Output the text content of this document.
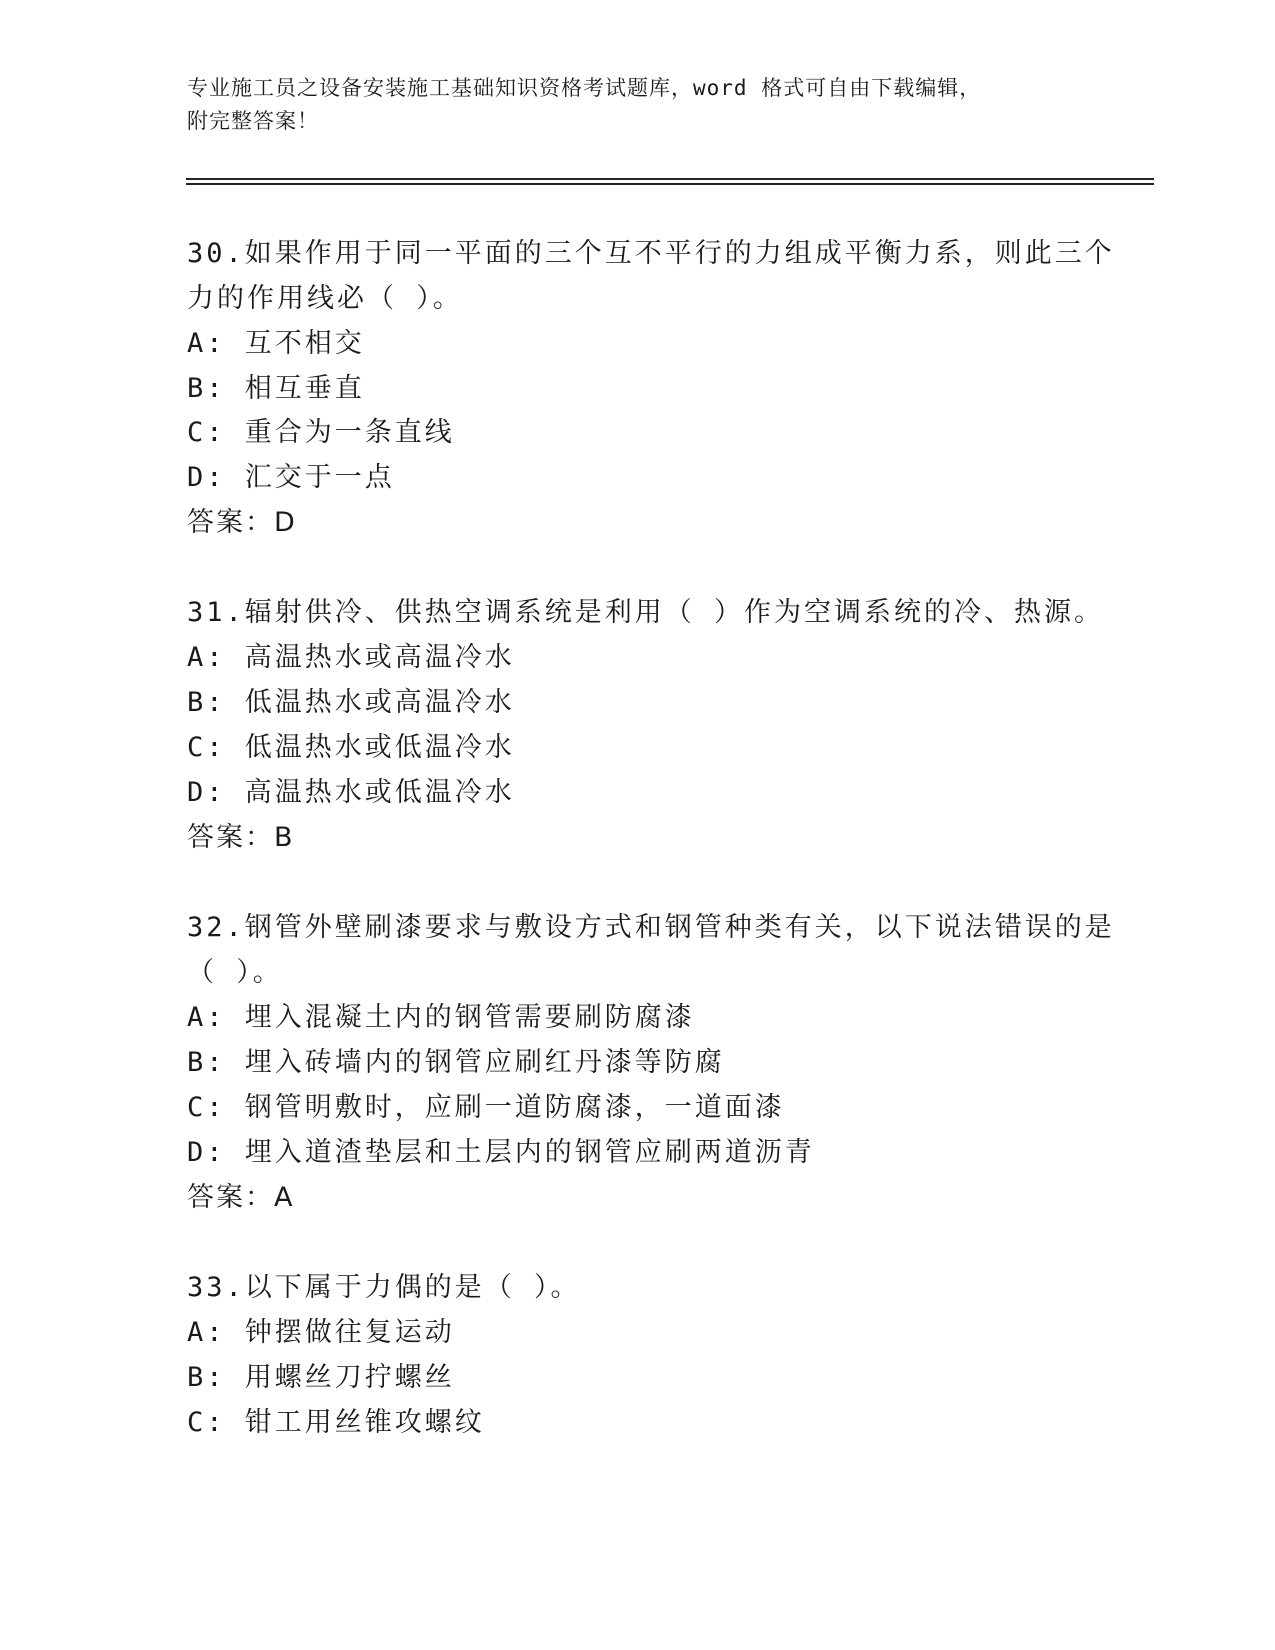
专业施工员之设备安装施工基础知识资格考试题库，word 格式可自由下载编辑，
附完整答案！
30.如果作用于同一平面的三个互不平行的力组成平衡力系，则此三个
力的作用线必（ ）。
A: 互不相交
B: 相互垂直
C: 重合为一条直线
D: 汇交于一点
答案：D
31.辐射供冷、供热空调系统是利用（ ）作为空调系统的冷、热源。
A: 高温热水或高温冷水
B: 低温热水或高温冷水
C: 低温热水或低温冷水
D: 高温热水或低温冷水
答案：B
32.钢管外壁刷漆要求与敷设方式和钢管种类有关，以下说法错误的是
（ ）。
A: 埋入混凝土内的钢管需要刷防腐漆
B: 埋入砖墙内的钢管应刷红丹漆等防腐
C: 钢管明敷时，应刷一道防腐漆，一道面漆
D: 埋入道渣垫层和土层内的钢管应刷两道沥青
答案：A
33.以下属于力偶的是（ ）。
A: 钟摆做往复运动
B: 用螺丝刀拧螺丝
C: 钳工用丝锥攻螺纹
